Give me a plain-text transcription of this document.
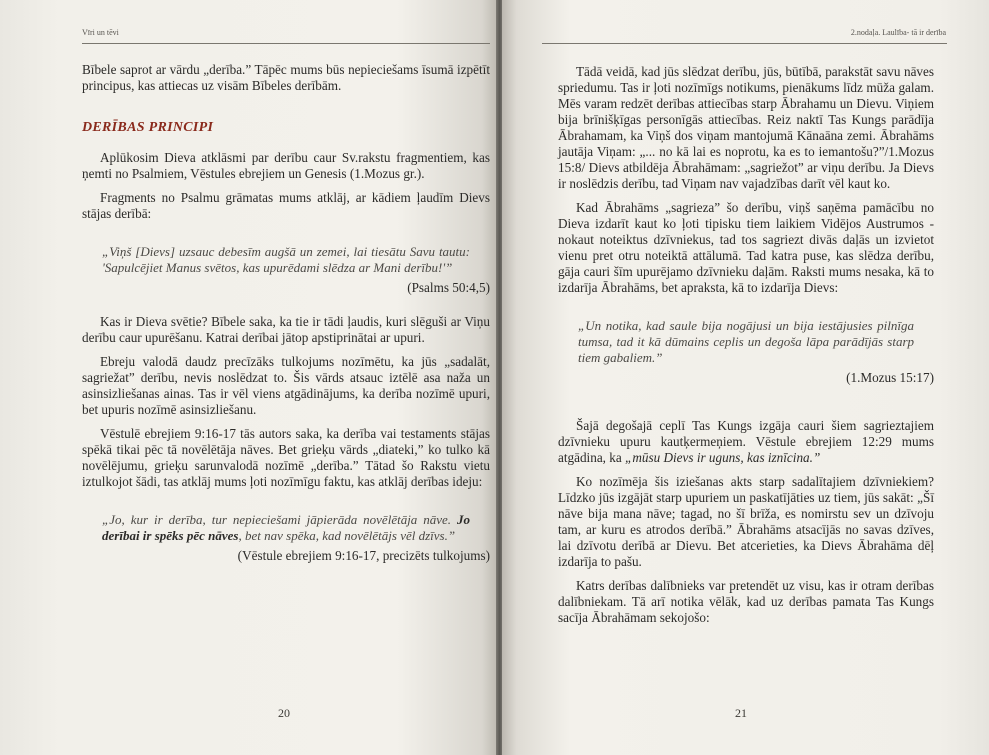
Vīri un tēvi

Bībele saprot ar vārdu „derība.” Tāpēc mums būs nepieciešams īsumā izpētīt principus, kas attiecas uz visām Bībeles derībām.

DERĪBAS PRINCIPI

Aplūkosim Dieva atklāsmi par derību caur Sv.rakstu fragmentiem, kas ņemti no Psalmiem, Vēstules ebrejiem un Genesis (1.Mozus gr.).

Fragments no Psalmu grāmatas mums atklāj, ar kādiem ļaudīm Dievs stājas derībā:

„Viņš [Dievs] uzsauc debesīm augšā un zemei, lai tiesātu Savu tautu: 'Sapulcējiet Manus svētos, kas upurēdami slēdza ar Mani derību!'”
(Psalms 50:4,5)

Kas ir Dieva svētie? Bībele saka, ka tie ir tādi ļaudis, kuri slēguši ar Viņu derību caur upurēšanu. Katrai derībai jātop apstiprinātai ar upuri.

Ebreju valodā daudz precīzāks tulkojums nozīmētu, ka jūs „sadalāt, sagriežat” derību, nevis noslēdzat to. Šis vārds atsauc iztēlē asa naža un asinsizliešanas ainas. Tas ir vēl viens atgādinājums, ka derība nozīmē upuri, bet upuris nozīmē asinsizliešanu.

Vēstulē ebrejiem 9:16-17 tās autors saka, ka derība vai testaments stājas spēkā tikai pēc tā novēlētāja nāves. Bet grieķu vārds „diateki,” ko tulko kā novēlējumu, grieķu sarunvalodā nozīmē „derība.” Tātad šo Rakstu vietu iztulkojot šādi, tas atklāj mums ļoti nozīmīgu faktu, kas atklāj derības ideju:

„Jo, kur ir derība, tur nepieciešami jāpierāda novēlētāja nāve. Jo derībai ir spēks pēc nāves, bet nav spēka, kad novēlētājs vēl dzīvs.”
(Vēstule ebrejiem 9:16-17, precizēts tulkojums)
20
2.nodaļa. Laulība- tā ir derība

Tādā veidā, kad jūs slēdzat derību, jūs, būtībā, parakstāt savu nāves spriedumu. Tas ir ļoti nozīmīgs notikums, pienākums līdz mūža galam. Mēs varam redzēt derības attiecības starp Ābrahamu un Dievu. Viņiem bija brīnišķīgas personīgās attiecības. Reiz naktī Tas Kungs parādīja Ābrahamam, ka Viņš dos viņam mantojumā Kānaāna zemi. Ābrahāms jautāja Viņam: „... no kā lai es noprotu, ka es to iemantošu?”/1.Mozus 15:8/ Dievs atbildēja Ābrahāmam: „sagriežot” ar viņu derību. Ja Dievs ir noslēdzis derību, tad Viņam nav vajadzības darīt vēl kaut ko.

Kad Ābrahāms „sagrieza” šo derību, viņš saņēma pamācību no Dieva izdarīt kaut ko ļoti tipisku tiem laikiem Vidējos Austrumos - nokaut noteiktus dzīvniekus, tad tos sagriezt divās daļās un izvietot vienu pret otru noteiktā attālumā. Tad katra puse, kas slēdza derību, gāja cauri šīm upurējamo dzīvnieku daļām. Raksti mums nesaka, kā to izdarīja Ābrahāms, bet apraksta, kā to izdarīja Dievs:

„Un notika, kad saule bija nogājusi un bija iestājusies pilnīga tumsa, tad it kā dūmains ceplis un degoša lāpa parādījās starp tiem gabaliem.”
(1.Mozus 15:17)

Šajā degošajā ceplī Tas Kungs izgāja cauri šiem sagrieztajiem dzīvnieku upuru kautķermeņiem. Vēstule ebrejiem 12:29 mums atgādina, ka „mūsu Dievs ir uguns, kas iznīcina.”

Ko nozīmēja šis iziešanas akts starp sadalītajiem dzīvniekiem? Līdzko jūs izgājāt starp upuriem un paskatījāties uz tiem, jūs sakāt: „Šī nāve bija mana nāve; tagad, no šī brīža, es nomirstu sev un dzīvoju tam, ar kuru es atrodos derībā.” Ābrahāms atsacījās no savas dzīves, lai dzīvotu derībā ar Dievu. Bet atcerieties, ka Dievs Ābrahāma dēļ izdarīja to pašu.

Katrs derības dalībnieks var pretendēt uz visu, kas ir otram derības dalībniekam. Tā arī notika vēlāk, kad uz derības pamata Tas Kungs sacīja Ābrahāmam sekojošo:

21
